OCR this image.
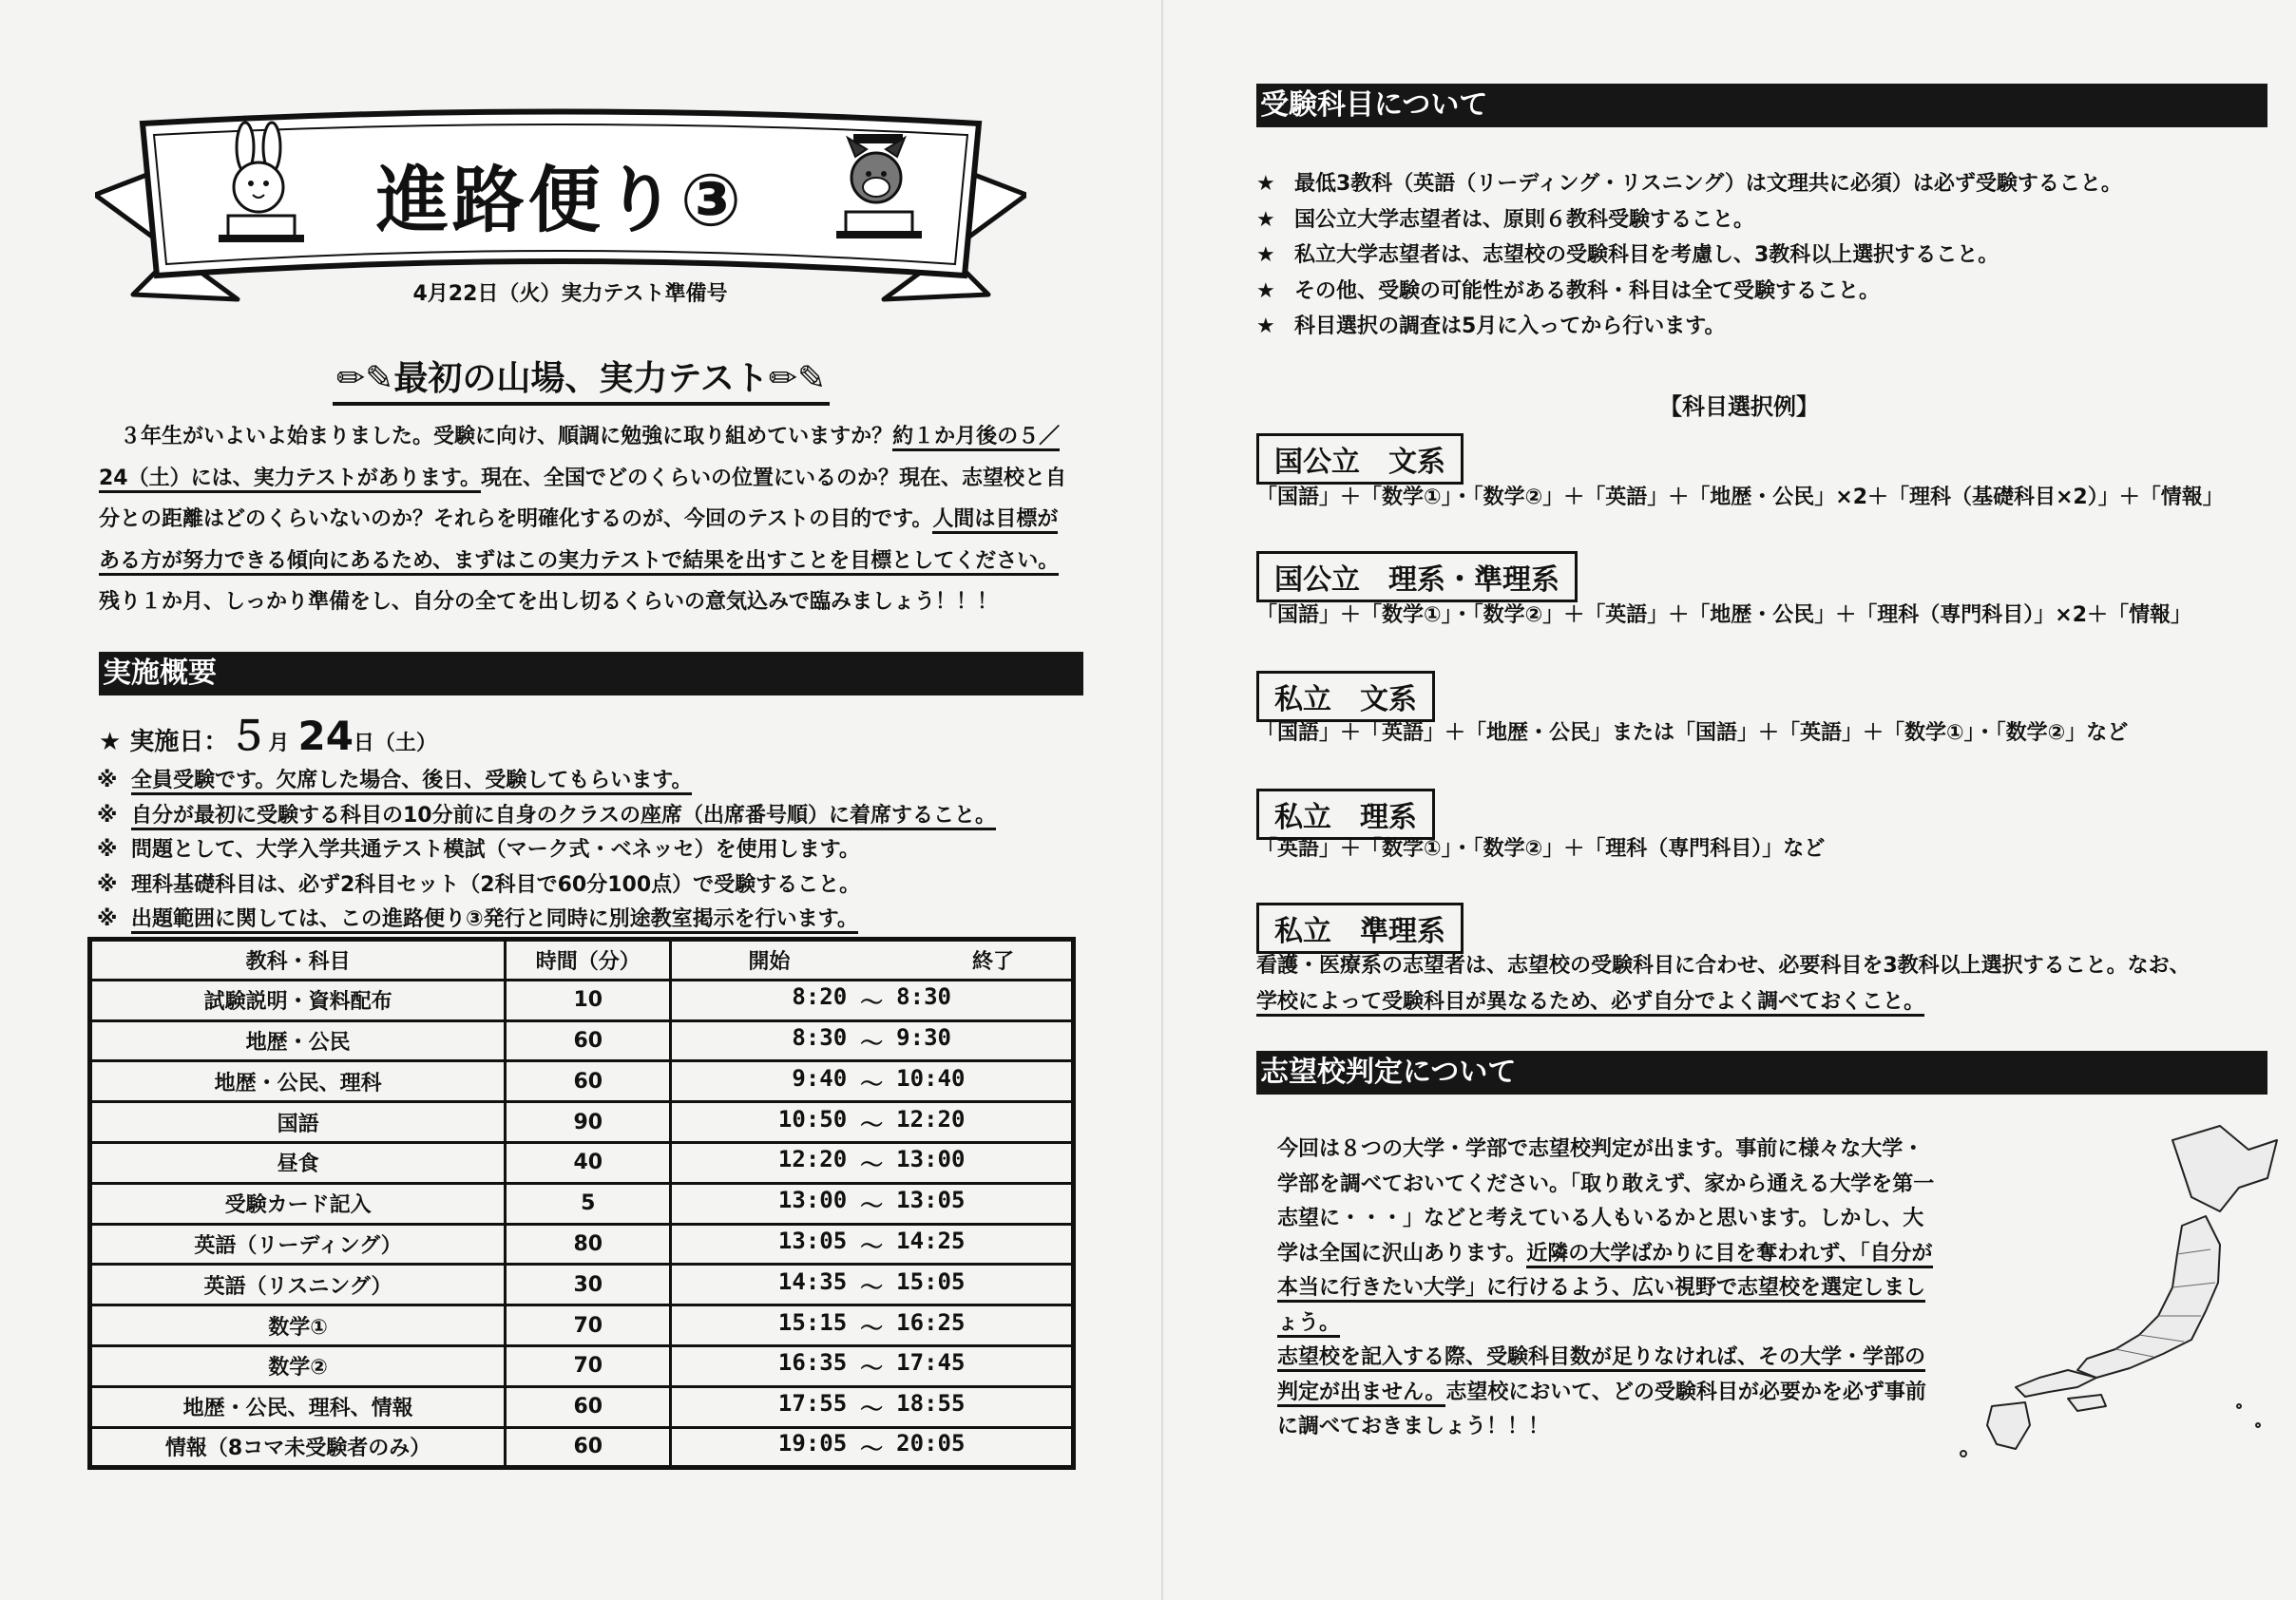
進路便り③
4月22日（火）実力テスト準備号
✏✎最初の山場、実力テスト✏✎
３年生がいよいよ始まりました。受験に向け、順調に勉強に取り組めていますか？約１か月後の５／24（土）には、実力テストがあります。現在、全国でどのくらいの位置にいるのか？現在、志望校と自分との距離はどのくらいないのか？それらを明確化するのが、今回のテストの目的です。人間は目標がある方が努力できる傾向にあるため、まずはこの実力テストで結果を出すことを目標としてください。残り１か月、しっかり準備をし、自分の全てを出し切るくらいの意気込みで臨みましょう！！！
実施概要
★ 実施日：５月 24日（土）
※ 全員受験です。欠席した場合、後日、受験してもらいます。
※ 自分が最初に受験する科目の10分前に自身のクラスの座席（出席番号順）に着席すること。
※ 問題として、大学入学共通テスト模試（マーク式・ベネッセ）を使用します。
※ 理科基礎科目は、必ず2科目セット（2科目で60分100点）で受験すること。
※ 出題範囲に関しては、この進路便り③発行と同時に別途教室掲示を行います。
教科・科目	時間（分）	開始 終了

試験説明・資料配布	10	8:20 ～ 8:30

地歴・公民	60	8:30 ～ 9:30

地歴・公民、理科	60	9:40 ～ 10:40

国語	90	10:50 ～ 12:20

昼食	40	12:20 ～ 13:00

受験カード記入	5	13:00 ～ 13:05

英語（リーディング）	80	13:05 ～ 14:25

英語（リスニング）	30	14:35 ～ 15:05

数学①	70	15:15 ～ 16:25

数学②	70	16:35 ～ 17:45

地歴・公民、理科、情報	60	17:55 ～ 18:55

情報（8コマ未受験者のみ）	60	19:05 ～ 20:05
受験科目について
★ 最低3教科（英語（リーディング・リスニング）は文理共に必須）は必ず受験すること。
★ 国公立大学志望者は、原則６教科受験すること。
★ 私立大学志望者は、志望校の受験科目を考慮し、3教科以上選択すること。
★ その他、受験の可能性がある教科・科目は全て受験すること。
★ 科目選択の調査は5月に入ってから行います。
【科目選択例】
国公立　文系
「国語」＋「数学①」・「数学②」＋「英語」＋「地歴・公民」×2＋「理科（基礎科目×2）」＋「情報」
国公立　理系・準理系
「国語」＋「数学①」・「数学②」＋「英語」＋「地歴・公民」＋「理科（専門科目）」×2＋「情報」
私立　文系
「国語」＋「英語」＋「地歴・公民」または「国語」＋「英語」＋「数学①」・「数学②」など
私立　理系
「英語」＋「数学①」・「数学②」＋「理科（専門科目）」など
私立　準理系
看護・医療系の志望者は、志望校の受験科目に合わせ、必要科目を3教科以上選択すること。なお、
学校によって受験科目が異なるため、必ず自分でよく調べておくこと。
志望校判定について
今回は８つの大学・学部で志望校判定が出ます。事前に様々な大学・学部を調べておいてください。「取り敢えず、家から通える大学を第一志望に・・・」などと考えている人もいるかと思います。しかし、大学は全国に沢山あります。近隣の大学ばかりに目を奪われず、「自分が本当に行きたい大学」に行けるよう、広い視野で志望校を選定しましょう。
志望校を記入する際、受験科目数が足りなければ、その大学・学部の判定が出ません。志望校において、どの受験科目が必要かを必ず事前に調べておきましょう！！！
